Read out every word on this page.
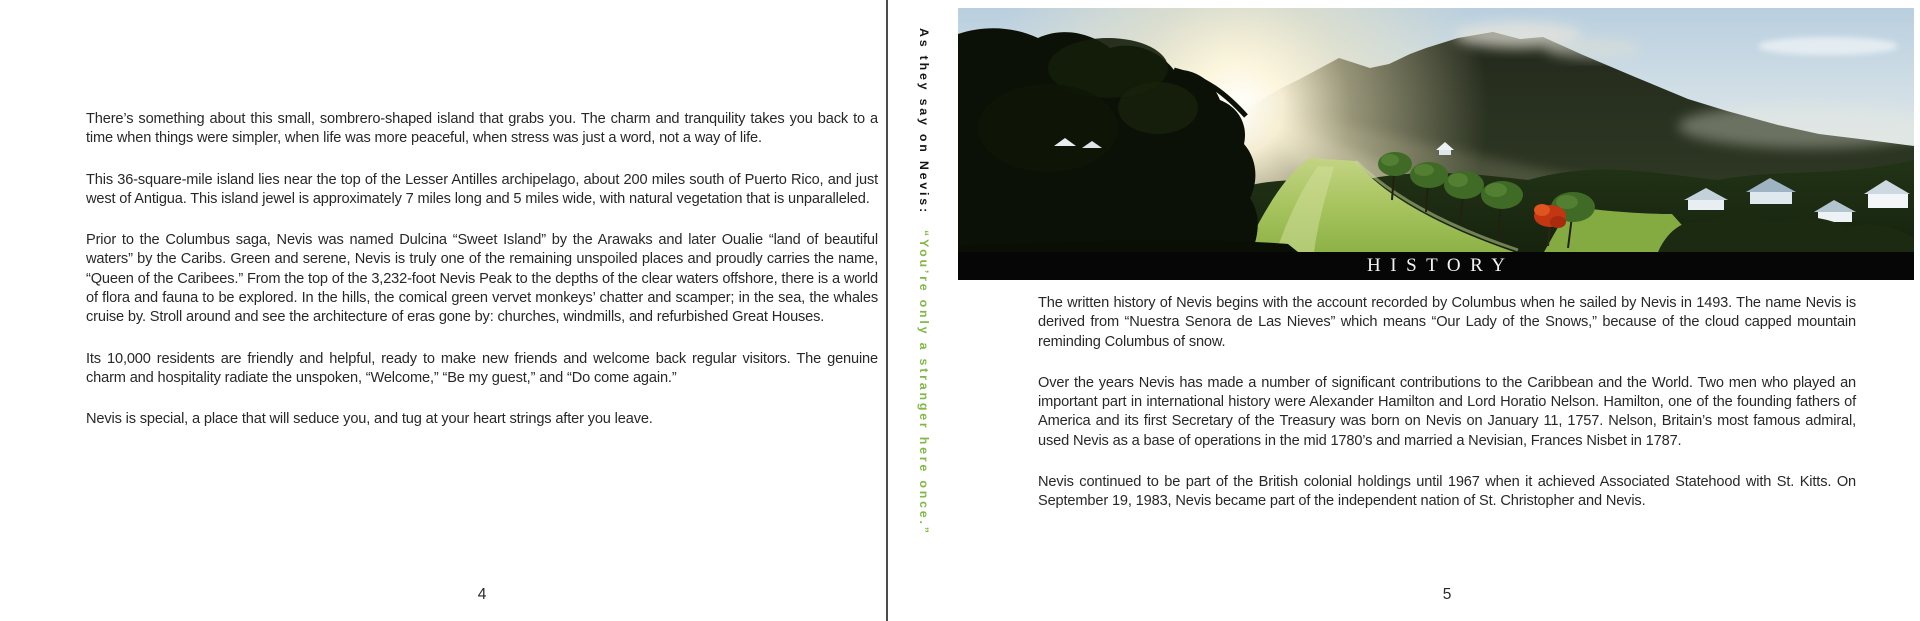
There’s something about this small, sombrero-shaped island that grabs you. The charm and tranquility takes you back to a time when things were simpler, when life was more peaceful, when stress was just a word, not a way of life.

This 36-square-mile island lies near the top of the Lesser Antilles archipelago, about 200 miles south of Puerto Rico, and just west of Antigua. This island jewel is approximately 7 miles long and 5 miles wide, with natural vegetation that is unparalleled.

Prior to the Columbus saga, Nevis was named Dulcina “Sweet Island” by the Arawaks and later Oualie “land of beautiful waters” by the Caribs. Green and serene, Nevis is truly one of the remaining unspoiled places and proudly carries the name, “Queen of the Caribees.” From the top of the 3,232-foot Nevis Peak to the depths of the clear waters offshore, there is a world of flora and fauna to be explored. In the hills, the comical green vervet monkeys’ chatter and scamper; in the sea, the whales cruise by. Stroll around and see the architecture of eras gone by: churches, windmills, and refurbished Great Houses.

Its 10,000 residents are friendly and helpful, ready to make new friends and welcome back regular visitors. The genuine charm and hospitality radiate the unspoken, “Welcome,” “Be my guest,” and “Do come again.”

Nevis is special, a place that will seduce you, and tug at your heart strings after you leave.

4
As they say on Nevis: “You’re only a stranger here once.”	HISTORY

The written history of Nevis begins with the account recorded by Columbus when he sailed by Nevis in 1493. The name Nevis is derived from “Nuestra Senora de Las Nieves” which means “Our Lady of the Snows,” because of the cloud capped mountain reminding Columbus of snow.

Over the years Nevis has made a number of significant contributions to the Caribbean and the World. Two men who played an important part in international history were Alexander Hamilton and Lord Horatio Nelson. Hamilton, one of the founding fathers of America and its first Secretary of the Treasury was born on Nevis on January 11, 1757. Nelson, Britain’s most famous admiral, used Nevis as a base of operations in the mid 1780’s and married a Nevisian, Frances Nisbet in 1787.

Nevis continued to be part of the British colonial holdings until 1967 when it achieved Associated Statehood with St. Kitts. On September 19, 1983, Nevis became part of the independent nation of St. Christopher and Nevis.

5
